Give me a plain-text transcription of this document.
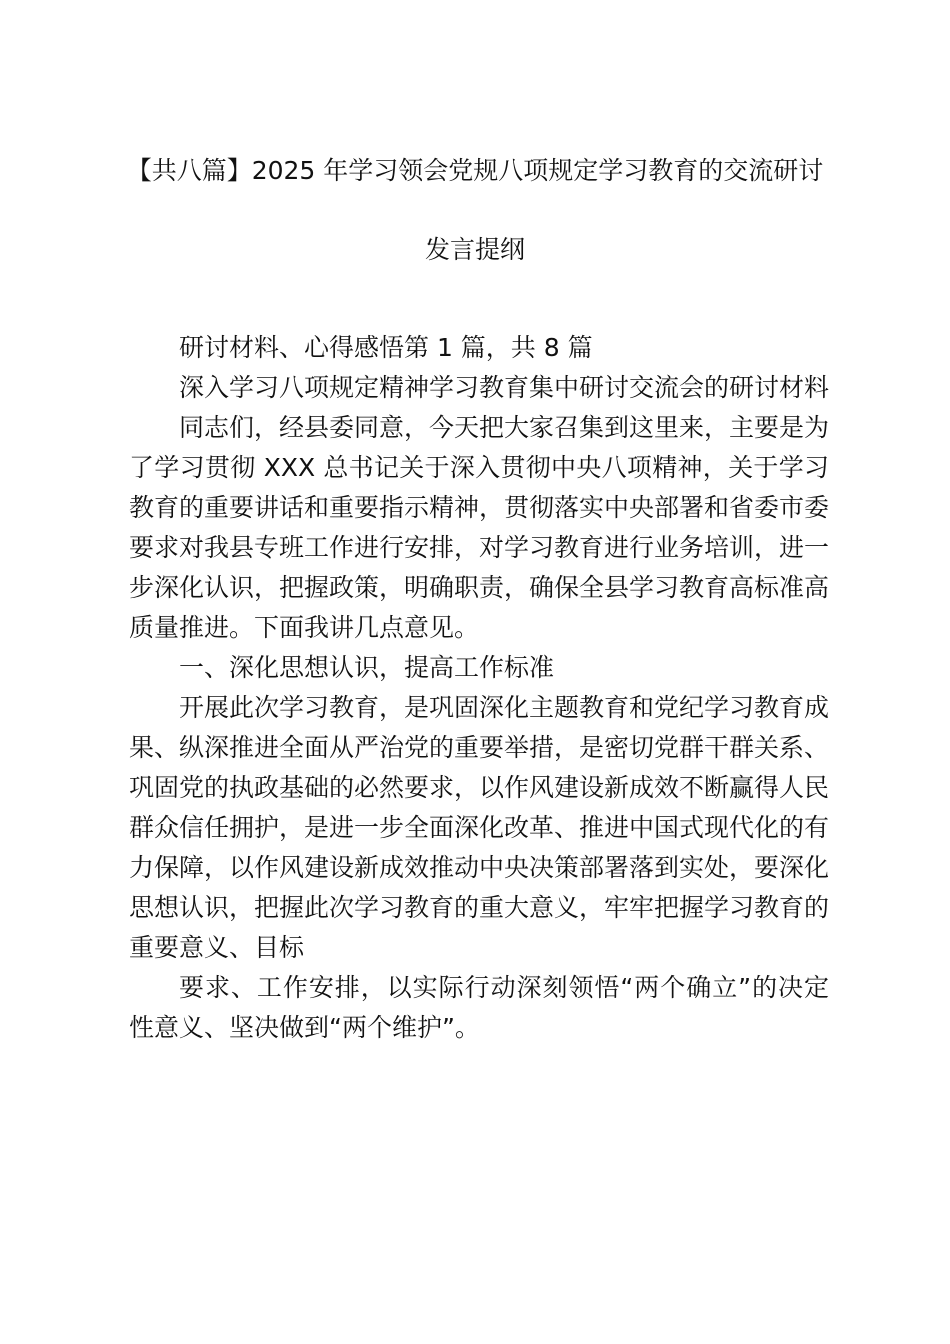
【共八篇】2025 年学习领会党规八项规定学习教育的交流研讨
发言提纲

研讨材料、心得感悟第 1 篇，共 8 篇

深入学习八项规定精神学习教育集中研讨交流会的研讨材料

同志们，经县委同意，今天把大家召集到这里来，主要是为了学习贯彻 XXX 总书记关于深入贯彻中央八项精神，关于学习教育的重要讲话和重要指示精神，贯彻落实中央部署和省委市委要求对我县专班工作进行安排，对学习教育进行业务培训，进一步深化认识，把握政策，明确职责，确保全县学习教育高标准高质量推进。下面我讲几点意见。

一、深化思想认识，提高工作标准

开展此次学习教育，是巩固深化主题教育和党纪学习教育成果、纵深推进全面从严治党的重要举措，是密切党群干群关系、巩固党的执政基础的必然要求，以作风建设新成效不断赢得人民群众信任拥护，是进一步全面深化改革、推进中国式现代化的有力保障，以作风建设新成效推动中央决策部署落到实处，要深化思想认识，把握此次学习教育的重大意义，牢牢把握学习教育的重要意义、目标

要求、工作安排，以实际行动深刻领悟“两个确立”的决定性意义、坚决做到“两个维护”。
